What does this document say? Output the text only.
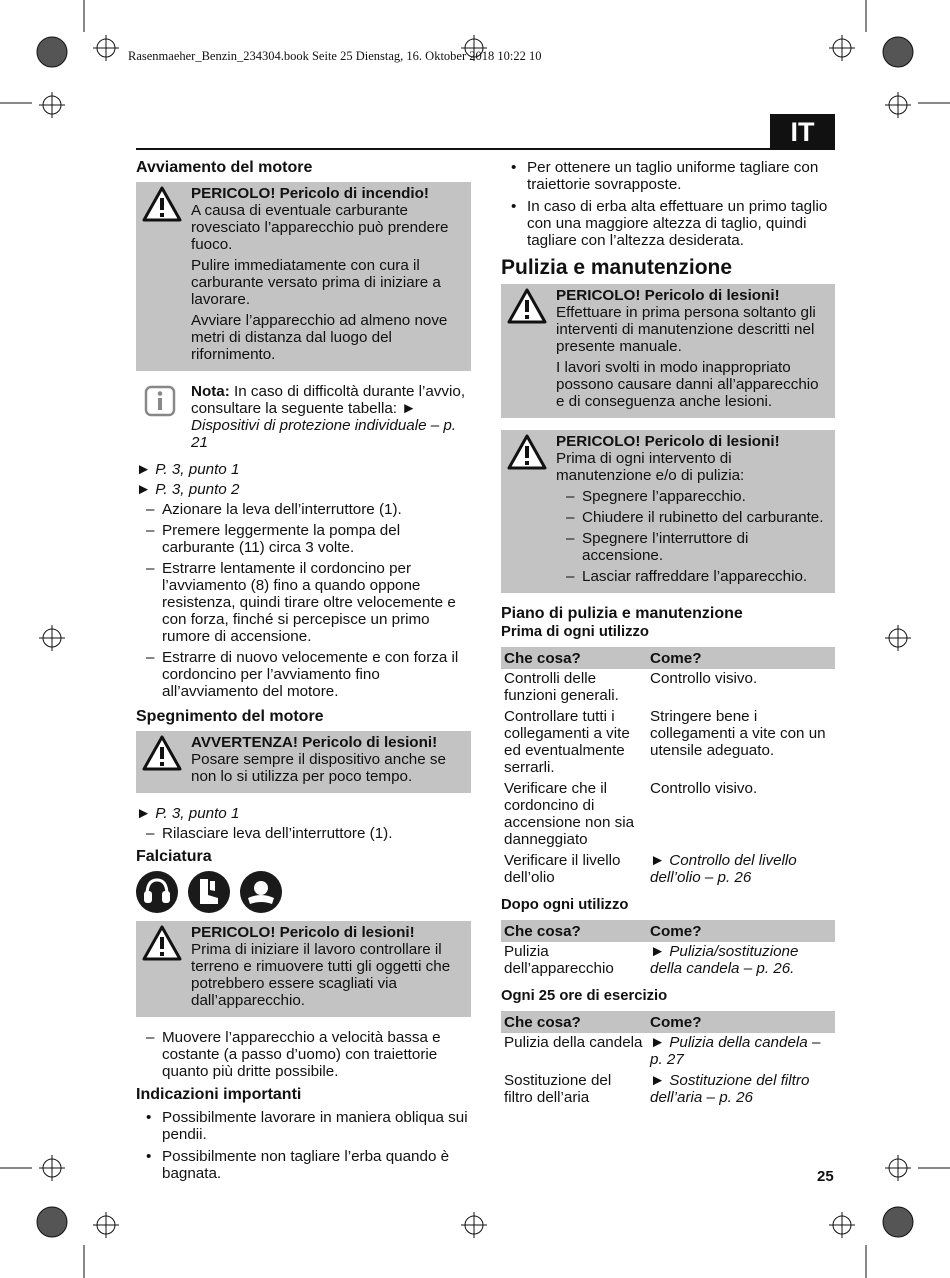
Rasenmaeher_Benzin_234304.book Seite 25 Dienstag, 16. Oktober 2018 10:22 10
IT
Avviamento del motore

PERICOLO! Pericolo di incendio!

A causa di eventuale carburante rovesciato l’apparecchio può prendere fuoco.

Pulire immediatamente con cura il carburante versato prima di iniziare a lavorare.

Avviare l’apparecchio ad almeno nove metri di distanza dal luogo del rifornimento.

Nota: In caso di difficoltà durante l’avvio, consultare la seguente tabella: ► Dispositivi di protezione individuale – p. 21
► P. 3, punto 1
► P. 3, punto 2
– Azionare la leva dell’interruttore (1).
– Premere leggermente la pompa del carburante (11) circa 3 volte.
– Estrarre lentamente il cordoncino per l’avviamento (8) fino a quando oppone resistenza, quindi tirare oltre velocemente e con forza, finché si percepisce un primo rumore di accensione.
– Estrarre di nuovo velocemente e con forza il cordoncino per l’avviamento fino all’avviamento del motore.
Spegnimento del motore

AVVERTENZA! Pericolo di lesioni!

Posare sempre il dispositivo anche se non lo si utilizza per poco tempo.

► P. 3, punto 1
– Rilasciare leva dell’interruttore (1).
Falciatura

PERICOLO! Pericolo di lesioni!

Prima di iniziare il lavoro controllare il terreno e rimuovere tutti gli oggetti che potrebbero essere scagliati via dall’apparecchio.

– Muovere l’apparecchio a velocità bassa e costante (a passo d’uomo) con traiettorie quanto più dritte possibile.
Indicazioni importanti
• Possibilmente lavorare in maniera obliqua sui pendii.
• Possibilmente non tagliare l’erba quando è bagnata.
• Per ottenere un taglio uniforme tagliare con traiettorie sovrapposte.
• In caso di erba alta effettuare un primo taglio con una maggiore altezza di taglio, quindi tagliare con l’altezza desiderata.
Pulizia e manutenzione

PERICOLO! Pericolo di lesioni!

Effettuare in prima persona soltanto gli interventi di manutenzione descritti nel presente manuale.

I lavori svolti in modo inappropriato possono causare danni all’apparecchio e di conseguenza anche lesioni.

PERICOLO! Pericolo di lesioni!

Prima di ogni intervento di manutenzione e/o di pulizia:

– Spegnere l’apparecchio.
– Chiudere il rubinetto del carburante.
– Spegnere l’interruttore di accensione.
– Lasciar raffreddare l’apparecchio.
Piano di pulizia e manutenzione
Prima di ogni utilizzo
Che cosa?	Come?
Controlli delle funzioni generali.	Controllo visivo.
Controllare tutti i collegamenti a vite ed eventualmente serrarli.	Stringere bene i collegamenti a vite con un utensile adeguato.
Verificare che il cordoncino di accensione non sia danneggiato	Controllo visivo.
Verificare il livello dell’olio	► Controllo del livello dell’olio – p. 26
Dopo ogni utilizzo
Che cosa?	Come?
Pulizia dell’apparecchio	► Pulizia/sostituzione della candela – p. 26.
Ogni 25 ore di esercizio
Che cosa?	Come?
Pulizia della candela	► Pulizia della candela – p. 27
Sostituzione del filtro dell’aria	► Sostituzione del filtro dell’aria – p. 26
25
